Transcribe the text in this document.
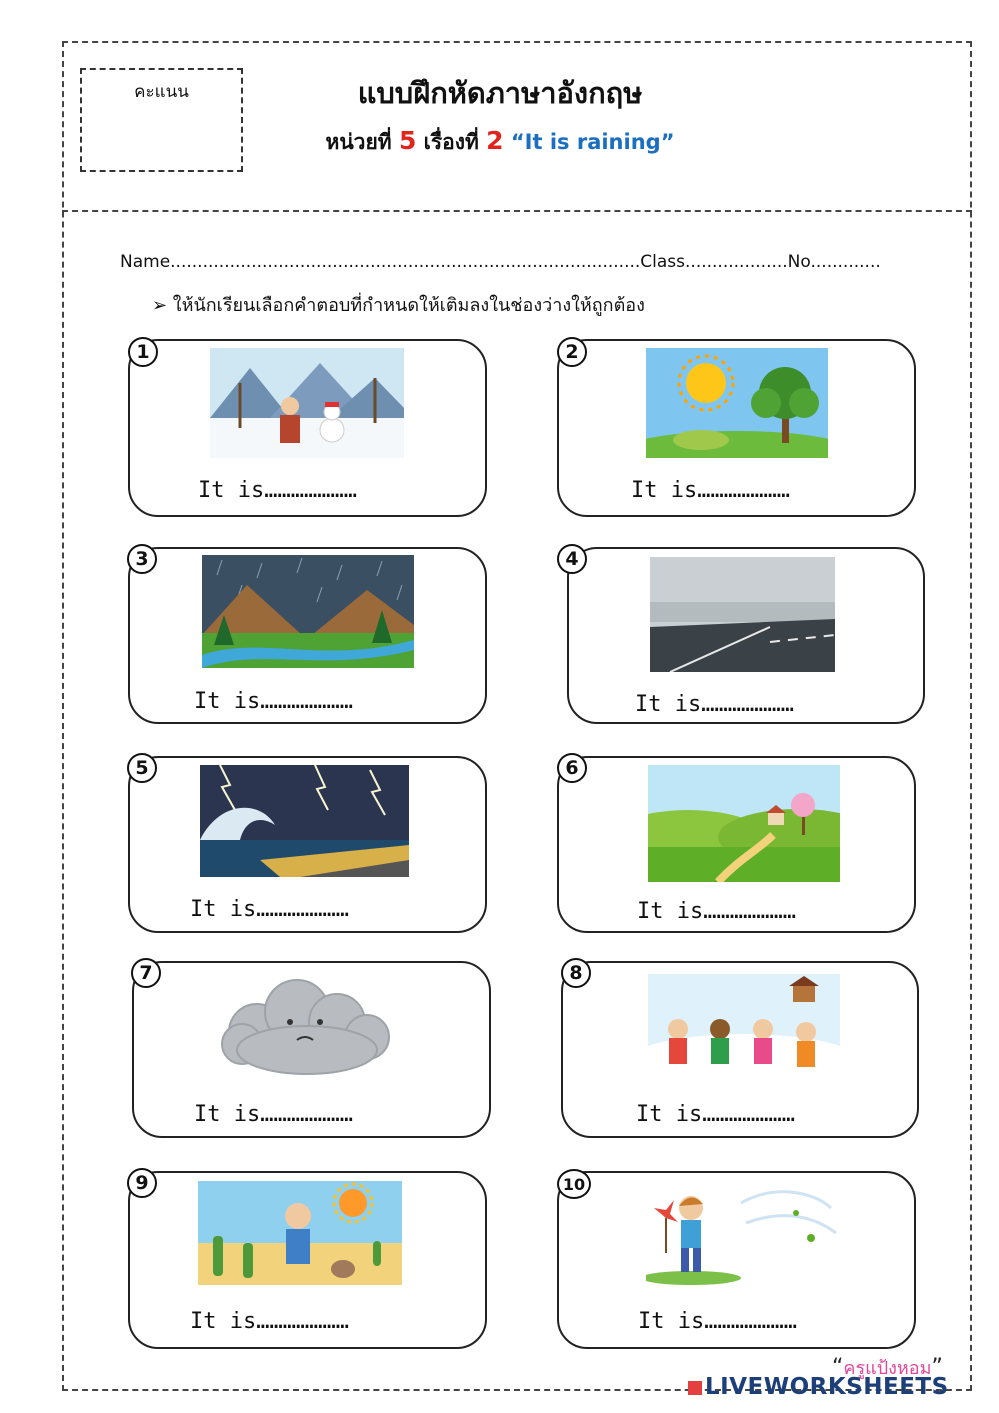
คะแนน	แบบฝึกหัดภาษาอังกฤษ
หน่วยที่ 5 เรื่องที่ 2 “It is raining”
Name.......................................................................................Class...................No.............
➢ ให้นักเรียนเลือกคำตอบที่กำหนดให้เติมลงในช่องว่างให้ถูกต้อง
1
It is…………………
2
It is…………………
3
It is…………………
4
It is…………………
5
It is…………………
6
It is…………………
7
It is…………………
8
It is…………………
9
It is…………………
10
It is…………………
“ครูแป้งหอม”
LIVEWORKSHEETS
